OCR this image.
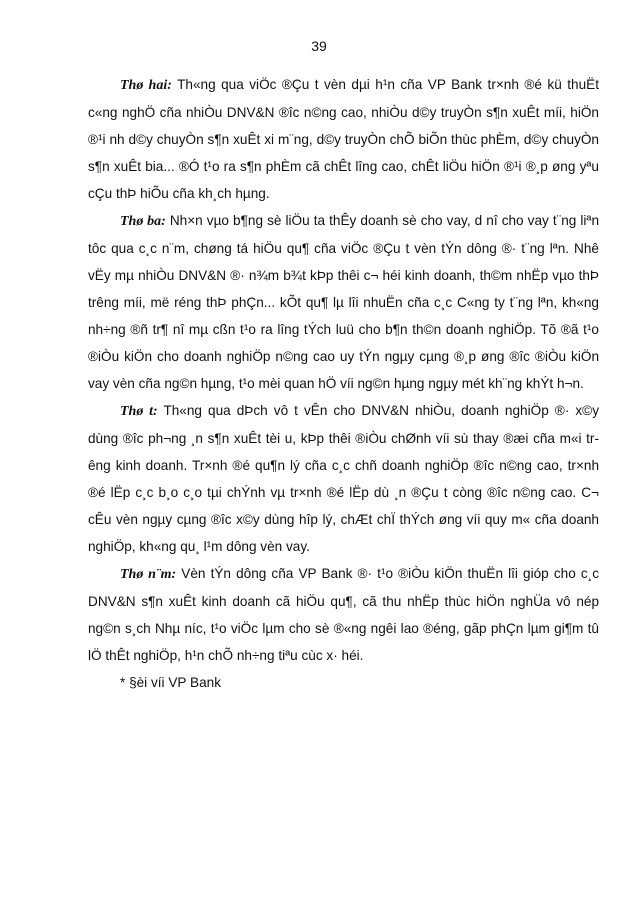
39

Thø hai: Th«ng qua viÖc ®Çu t vèn dµi h¹n cña VP Bank tr×nh ®é kü thuËt c«ng nghÖ cña nhiÒu DNV&N ®îc n©ng cao, nhiÒu d©y truyÒn s¶n xuÊt míi, hiÖn ®¹i nh d©y chuyÒn s¶n xuÊt xi m¨ng, d©y truyÒn chÕ biÕn thùc phÈm, d©y chuyÒn s¶n xuÊt bia... ®Ó t¹o ra s¶n phÈm cã chÊt lîng cao, chÊt liÖu hiÖn ®¹i ®¸p øng yªu cÇu thÞ hiÕu cña kh¸ch hµng.

Thø ba: Nh×n vµo b¶ng sè liÖu ta thÊy doanh sè cho vay, d nî cho vay t¨ng liªn tôc qua c¸c n¨m, chøng tá hiÖu qu¶ cña viÖc ®Çu t vèn tÝn dông ®· t¨ng lªn. Nhê vËy mµ nhiÒu DNV&N ®· n¾m b¾t kÞp thêi c¬ héi kinh doanh, th©m nhËp vµo thÞ trêng míi, më réng thÞ phÇn... kÕt qu¶ lµ lîi nhuËn cña c¸c C«ng ty t¨ng lªn, kh«ng nh÷ng ®ñ tr¶ nî mµ cßn t¹o ra lîng tÝch luü cho b¶n th©n doanh nghiÖp. Tõ ®ã t¹o ®iÒu kiÖn cho doanh nghiÖp n©ng cao uy tÝn ngµy cµng ®¸p øng ®îc ®iÒu kiÖn vay vèn cña ng©n hµng, t¹o mèi quan hÖ víi ng©n hµng ngµy mét kh¨ng khÝt h¬n.

Thø t: Th«ng qua dÞch vô t vÊn cho DNV&N nhiÒu, doanh nghiÖp ®· x©y dùng ®îc ph¬ng ¸n s¶n xuÊt tèi u, kÞp thêi ®iÒu chØnh víi sù thay ®æi cña m«i trêng kinh doanh. Tr×nh ®é qu¶n lý cña c¸c chñ doanh nghiÖp ®îc n©ng cao, tr×nh ®é lËp c¸c b¸o c¸o tµi chÝnh vµ tr×nh ®é lËp dù ¸n ®Çu t còng ®îc n©ng cao. C¬ cÊu vèn ngµy cµng ®îc x©y dùng hîp lý, chÆt chÏ thÝch øng víi quy m« cña doanh nghiÖp, kh«ng qu¸ l¹m dông vèn vay.

Thø n¨m: Vèn tÝn dông cña VP Bank ®· t¹o ®iÒu kiÖn thuËn lîi gióp cho c¸c DNV&N s¶n xuÊt kinh doanh cã hiÖu qu¶, cã thu nhËp thùc hiÖn nghÜa vô nép ng©n s¸ch Nhµ níc, t¹o viÖc lµm cho sè ®«ng ngêi lao ®éng, gãp phÇn lµm gi¶m tû lÖ thÊt nghiÖp, h¹n chÕ nh÷ng tiªu cùc x· héi.

* §èi víi VP Bank
